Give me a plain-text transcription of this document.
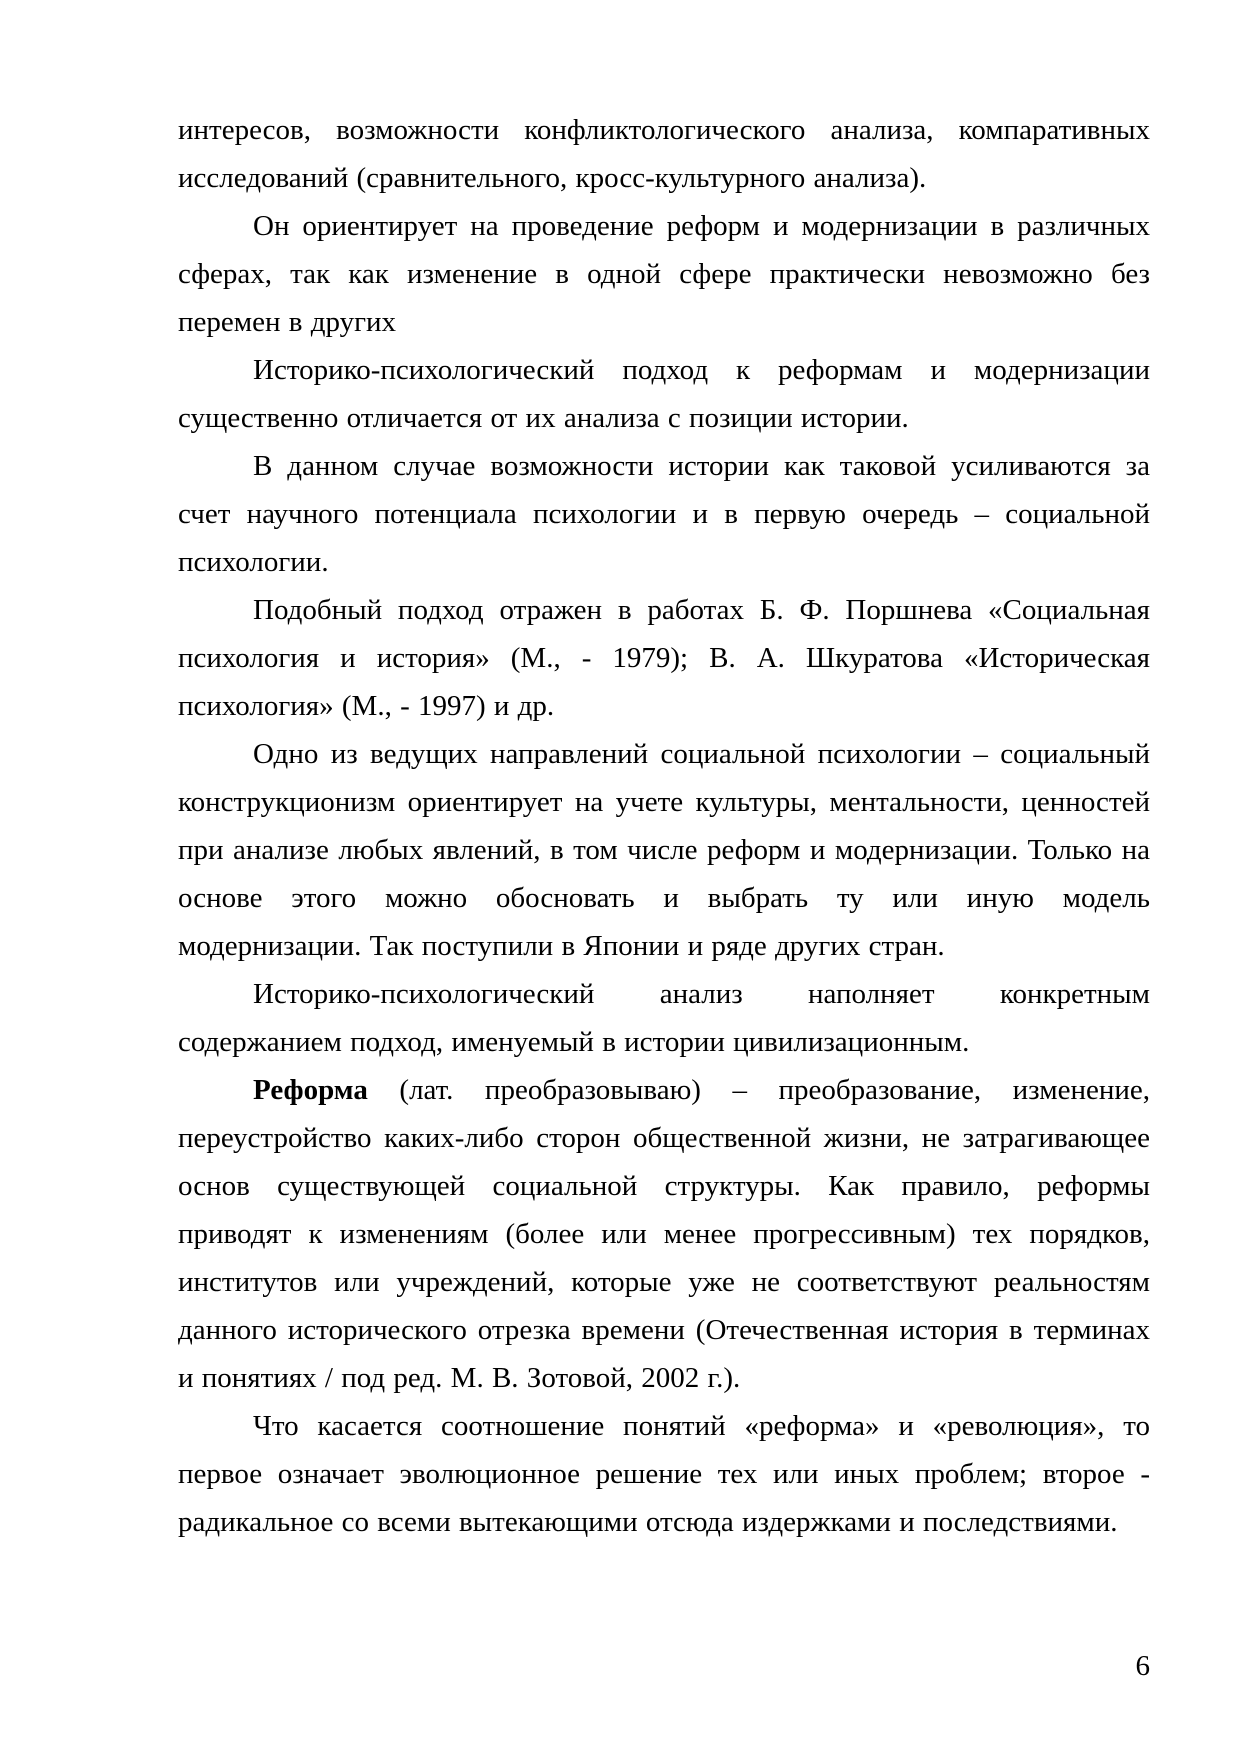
интересов, возможности конфликтологического анализа, компаративных исследований (сравнительного, кросс-культурного анализа).

Он ориентирует на проведение реформ и модернизации в различных сферах, так как изменение в одной сфере практически невозможно без перемен в других

Историко-психологический подход к реформам и модернизации существенно отличается от их анализа с позиции истории.

В данном случае возможности истории как таковой усиливаются за счет научного потенциала психологии и в первую очередь – социальной психологии.

Подобный подход отражен в работах Б. Ф. Поршнева «Социальная психология и история» (М., - 1979); В. А. Шкуратова «Историческая психология» (М., - 1997) и др.

Одно из ведущих направлений социальной психологии – социальный конструкционизм ориентирует на учете культуры, ментальности, ценностей при анализе любых явлений, в том числе реформ и модернизации. Только на основе этого можно обосновать и выбрать ту или иную модель модернизации. Так поступили в Японии и ряде других стран.

Историко-психологический анализ наполняет конкретным содержанием подход, именуемый в истории цивилизационным.

Реформа (лат. преобразовываю) – преобразование, изменение, переустройство каких-либо сторон общественной жизни, не затрагивающее основ существующей социальной структуры. Как правило, реформы приводят к изменениям (более или менее прогрессивным) тех порядков, институтов или учреждений, которые уже не соответствуют реальностям данного исторического отрезка времени (Отечественная история в терминах и понятиях / под ред. М. В. Зотовой, 2002 г.).

Что касается соотношение понятий «реформа» и «революция», то первое означает эволюционное решение тех или иных проблем; второе - радикальное со всеми вытекающими отсюда издержками и последствиями.

6
